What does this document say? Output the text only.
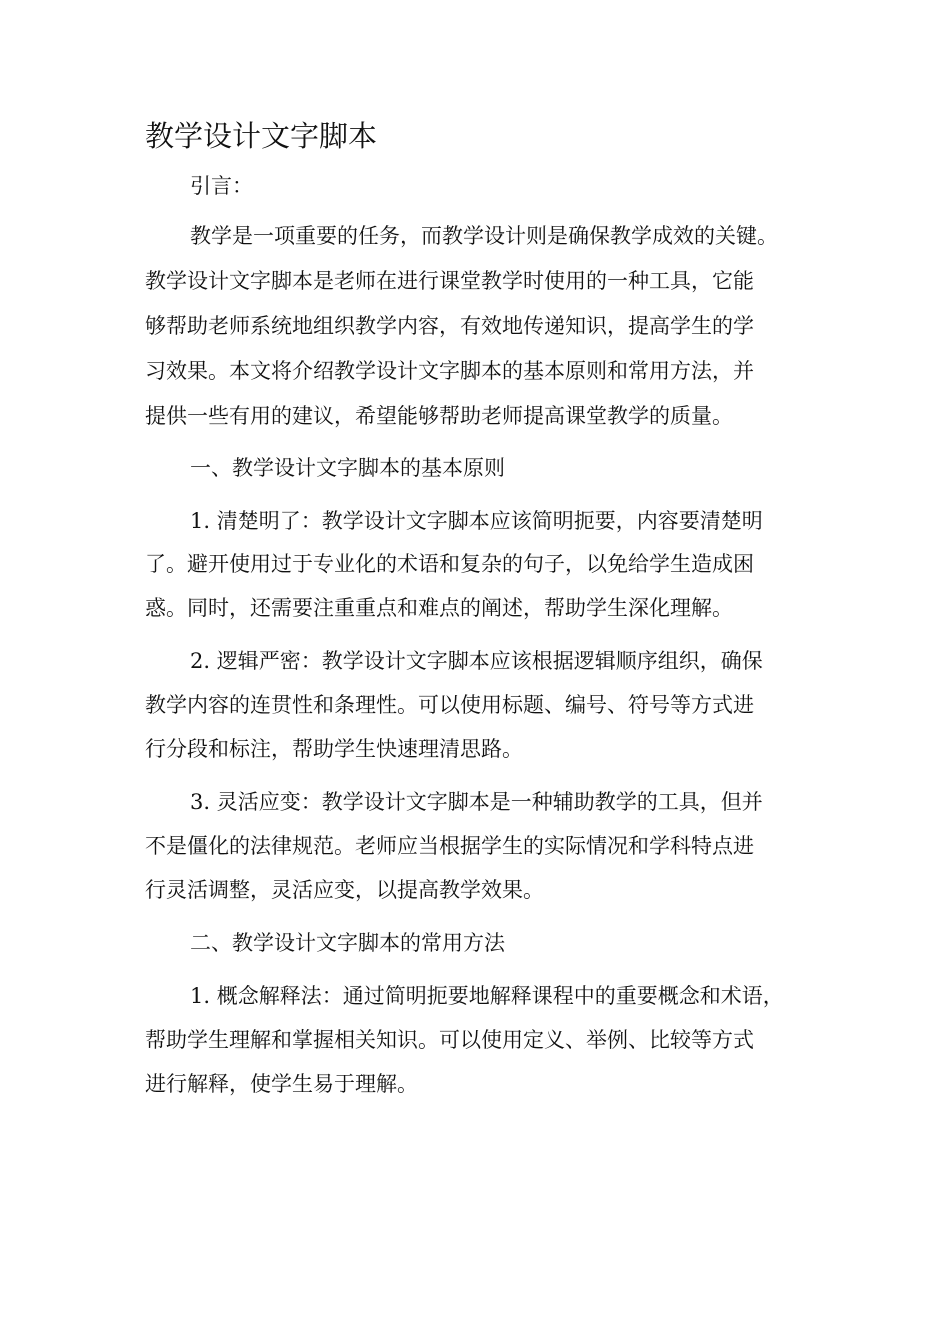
教学设计文字脚本
引言：
教学是一项重要的任务，而教学设计则是确保教学成效的关键。
教学设计文字脚本是老师在进行课堂教学时使用的一种工具，它能
够帮助老师系统地组织教学内容，有效地传递知识，提高学生的学
习效果。本文将介绍教学设计文字脚本的基本原则和常用方法，并
提供一些有用的建议，希望能够帮助老师提高课堂教学的质量。
一、教学设计文字脚本的基本原则
1. 清楚明了：教学设计文字脚本应该简明扼要，内容要清楚明
了。避开使用过于专业化的术语和复杂的句子，以免给学生造成困
惑。同时，还需要注重重点和难点的阐述，帮助学生深化理解。
2. 逻辑严密：教学设计文字脚本应该根据逻辑顺序组织，确保
教学内容的连贯性和条理性。可以使用标题、编号、符号等方式进
行分段和标注，帮助学生快速理清思路。
3. 灵活应变：教学设计文字脚本是一种辅助教学的工具，但并
不是僵化的法律规范。老师应当根据学生的实际情况和学科特点进
行灵活调整，灵活应变，以提高教学效果。
二、教学设计文字脚本的常用方法
1. 概念解释法：通过简明扼要地解释课程中的重要概念和术语，
帮助学生理解和掌握相关知识。可以使用定义、举例、比较等方式
进行解释，使学生易于理解。
